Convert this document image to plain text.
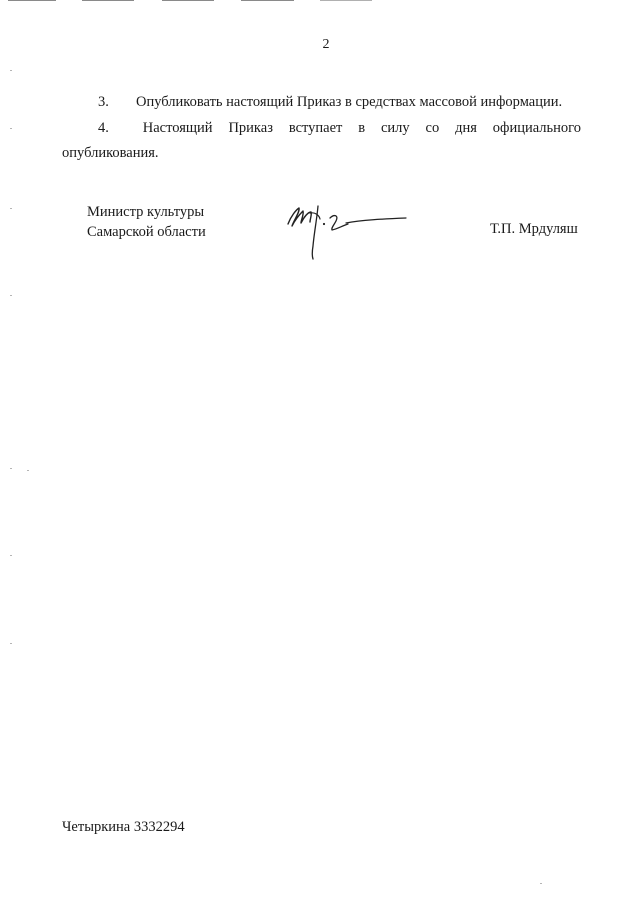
2
3. Опубликовать настоящий Приказ в средствах массовой информации.
4. Настоящий Приказ вступает в силу со дня официального
опубликования.
Министр культуры
Самарской области	Т.П. Мрдуляш
Четыркина 3332294
